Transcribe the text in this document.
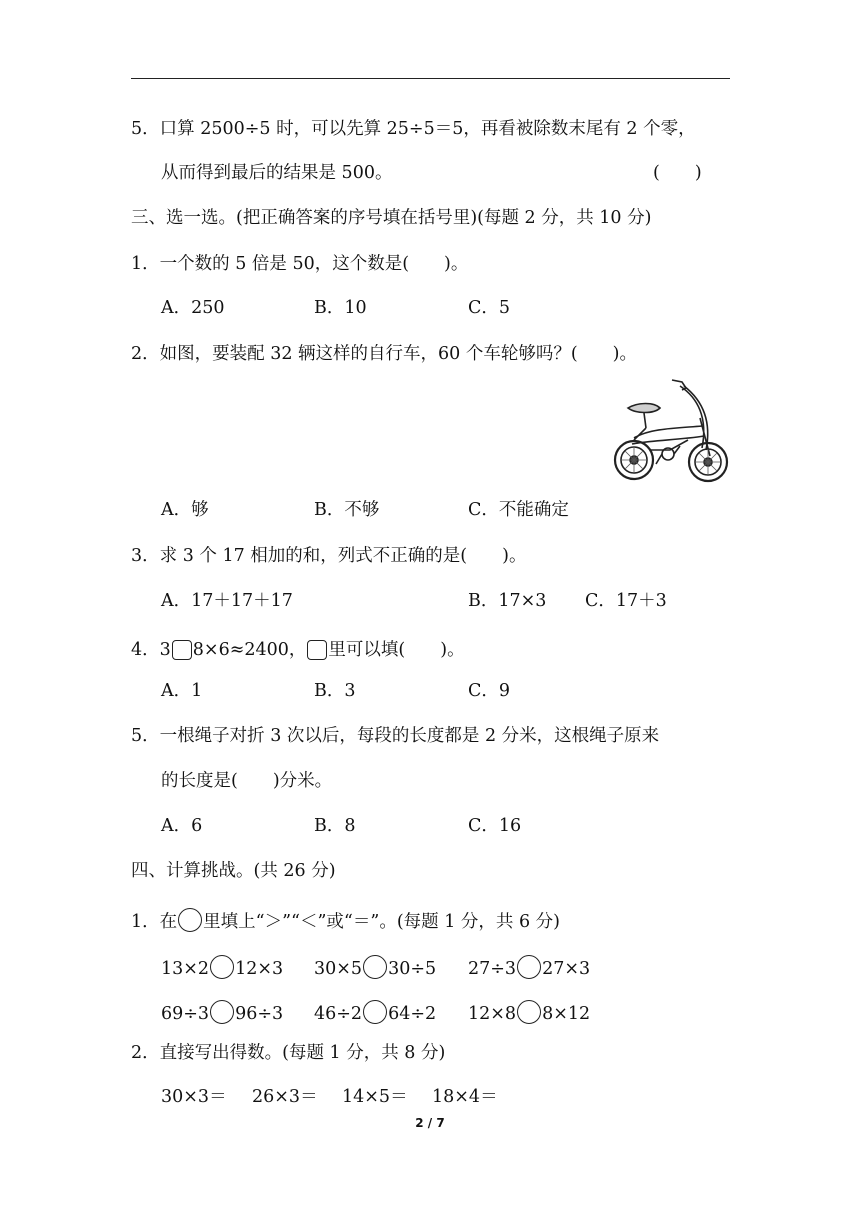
5．口算 2500÷5 时，可以先算 25÷5＝5，再看被除数末尾有 2 个零，
从而得到最后的结果是 500。	(　　)
三、选一选。(把正确答案的序号填在括号里)(每题 2 分，共 10 分)
1．一个数的 5 倍是 50，这个数是(　　)。
A．250	B．10	C．5
2．如图，要装配 32 辆这样的自行车，60 个车轮够吗？(　　)。
A．够	B．不够	C．不能确定
3．求 3 个 17 相加的和，列式不正确的是(　　)。
A．17＋17＋17	B．17×3 C．17＋3
4．3 8×6≈2400， 里可以填(　　)。
A．1	B．3	C．9
5．一根绳子对折 3 次以后，每段的长度都是 2 分米，这根绳子原来
的长度是(　　)分米。
A．6	B．8	C．16
四、计算挑战。(共 26 分)
1．在 里填上“＞”“＜”或“＝”。(每题 1 分，共 6 分)
13×2 12×3 30×5 30÷5 27÷3 27×3
69÷3 96÷3 46÷2 64÷2 12×8 8×12
2．直接写出得数。(每题 1 分，共 8 分)
30×3＝ 26×3＝ 14×5＝ 18×4＝
2 / 7
